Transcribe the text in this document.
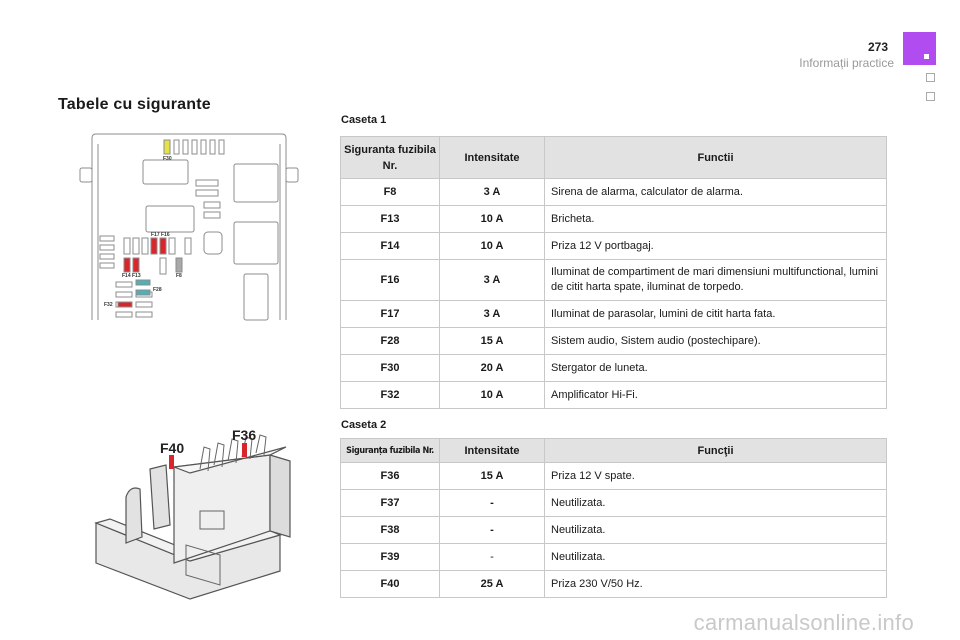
273
Informații practice
Tabele cu sigurante
F30
F17 F16
F14 F13
F28
F8
F32
F40
F36
Caseta 1
Siguranta fuzibila Nr.	Intensitate	Functii
F8	3 A	Sirena de alarma, calculator de alarma.
F13	10 A	Bricheta.
F14	10 A	Priza 12 V portbagaj.
F16	3 A	Iluminat de compartiment de mari dimensiuni multifunctional, lumini de citit harta spate, iluminat de torpedo.
F17	3 A	Iluminat de parasolar, lumini de citit harta fata.
F28	15 A	Sistem audio, Sistem audio (postechipare).
F30	20 A	Stergator de luneta.
F32	10 A	Amplificator Hi-Fi.
Caseta 2
Siguranța fuzibila Nr.	Intensitate	Funcţii
F36	15 A	Priza 12 V spate.
F37	-	Neutilizata.
F38	-	Neutilizata.
F39	-	Neutilizata.
F40	25 A	Priza 230 V/50 Hz.
carmanualsonline.info
